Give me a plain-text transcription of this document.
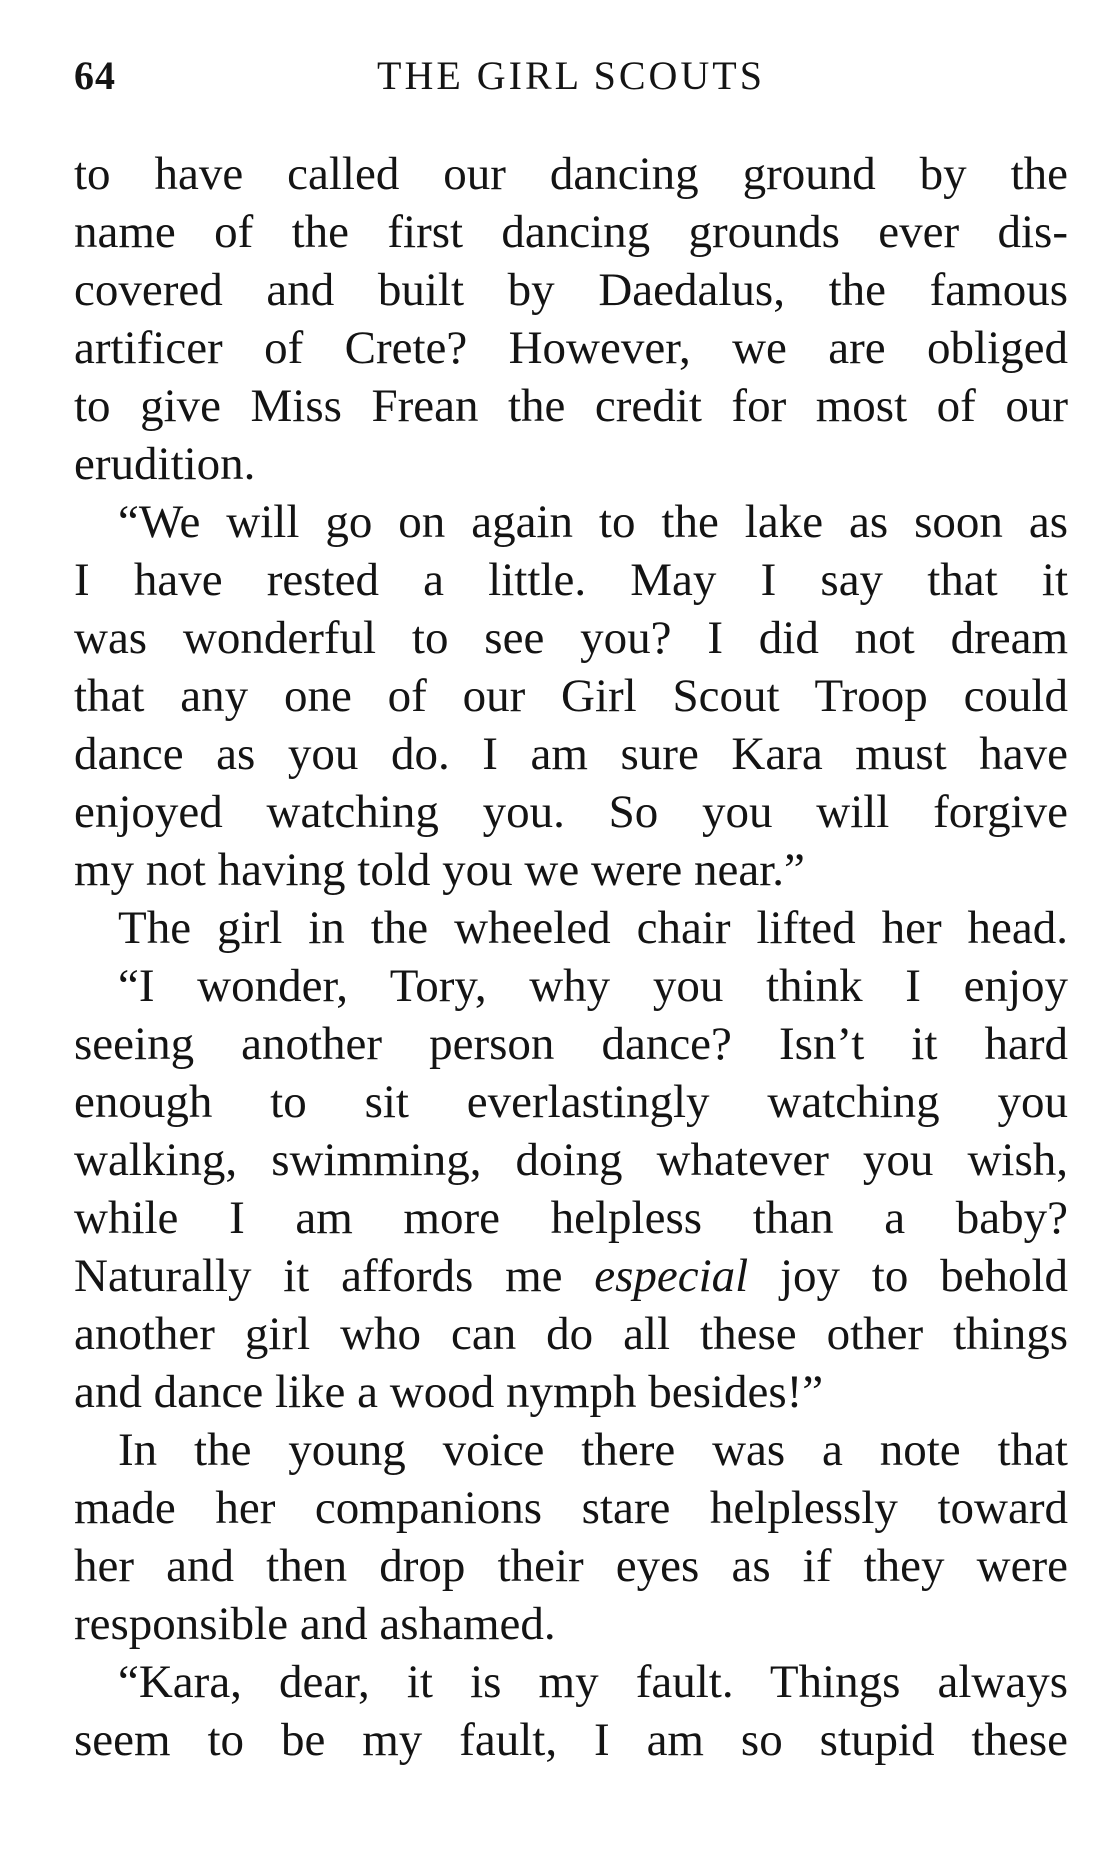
64	THE GIRL SCOUTS
to have called our dancing ground by the
name of the first dancing grounds ever dis-
covered and built by Daedalus, the famous
artificer of Crete? However, we are obliged
to give Miss Frean the credit for most of our
erudition.
“We will go on again to the lake as soon as
I have rested a little. May I say that it
was wonderful to see you? I did not dream
that any one of our Girl Scout Troop could
dance as you do. I am sure Kara must have
enjoyed watching you. So you will forgive
my not having told you we were near.”
The girl in the wheeled chair lifted her head.
“I wonder, Tory, why you think I enjoy
seeing another person dance? Isn’t it hard
enough to sit everlastingly watching you
walking, swimming, doing whatever you wish,
while I am more helpless than a baby?
Naturally it affords me especial joy to behold
another girl who can do all these other things
and dance like a wood nymph besides!”
In the young voice there was a note that
made her companions stare helplessly toward
her and then drop their eyes as if they were
responsible and ashamed.
“Kara, dear, it is my fault. Things always
seem to be my fault, I am so stupid these
